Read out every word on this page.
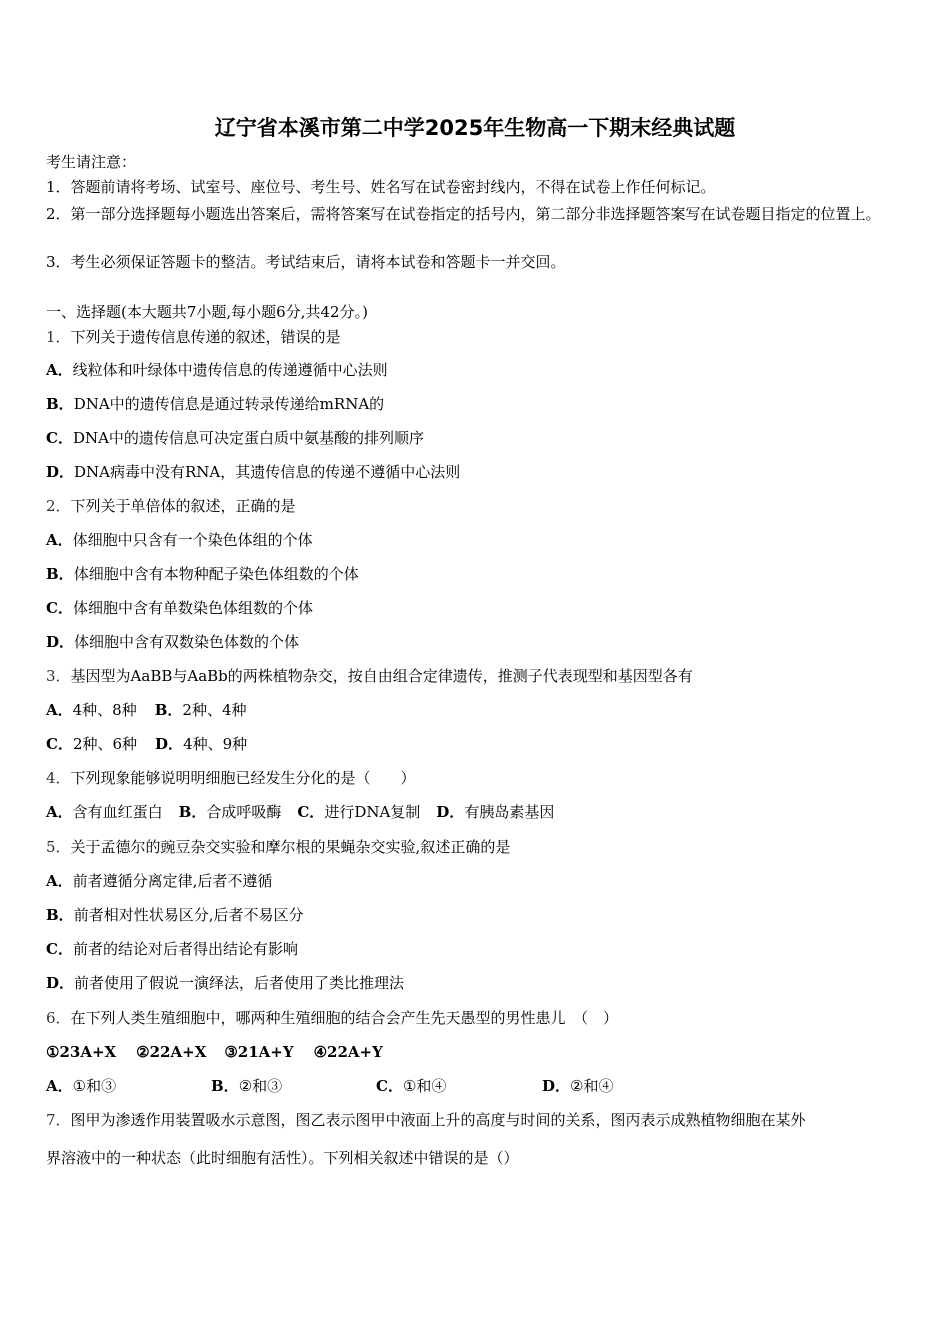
辽宁省本溪市第二中学2025年生物高一下期末经典试题
考生请注意：
1．答题前请将考场、试室号、座位号、考生号、姓名写在试卷密封线内，不得在试卷上作任何标记。
2．第一部分选择题每小题选出答案后，需将答案写在试卷指定的括号内，第二部分非选择题答案写在试卷题目指定的位置上。
3．考生必须保证答题卡的整洁。考试结束后，请将本试卷和答题卡一并交回。
一、选择题(本大题共7小题,每小题6分,共42分。)
1．下列关于遗传信息传递的叙述，错误的是
A．线粒体和叶绿体中遗传信息的传递遵循中心法则
B．DNA中的遗传信息是通过转录传递给mRNA的
C．DNA中的遗传信息可决定蛋白质中氨基酸的排列顺序
D．DNA病毒中没有RNA，其遗传信息的传递不遵循中心法则
2．下列关于单倍体的叙述，正确的是
A．体细胞中只含有一个染色体组的个体
B．体细胞中含有本物种配子染色体组数的个体
C．体细胞中含有单数染色体组数的个体
D．体细胞中含有双数染色体数的个体
3．基因型为AaBB与AaBb的两株植物杂交，按自由组合定律遗传，推测子代表现型和基因型各有
A．4种、8种 B．2种、4种
C．2种、6种 D．4种、9种
4．下列现象能够说明明细胞已经发生分化的是（　　）
A．含有血红蛋白 B．合成呼吸酶 C．进行DNA复制 D．有胰岛素基因
5．关于孟德尔的豌豆杂交实验和摩尔根的果蝇杂交实验,叙述正确的是
A．前者遵循分离定律,后者不遵循
B．前者相对性状易区分,后者不易区分
C．前者的结论对后者得出结论有影响
D．前者使用了假说一演绎法，后者使用了类比推理法
6．在下列人类生殖细胞中，哪两种生殖细胞的结合会产生先天愚型的男性患儿　（　）
①23A+X ②22A+X ③21A+Y ④22A+Y
A．①和③	B．②和③	C．①和④	D．②和④
7．图甲为渗透作用装置吸水示意图，图乙表示图甲中液面上升的高度与时间的关系，图丙表示成熟植物细胞在某外
界溶液中的一种状态（此时细胞有活性）。下列相关叙述中错误的是（）
